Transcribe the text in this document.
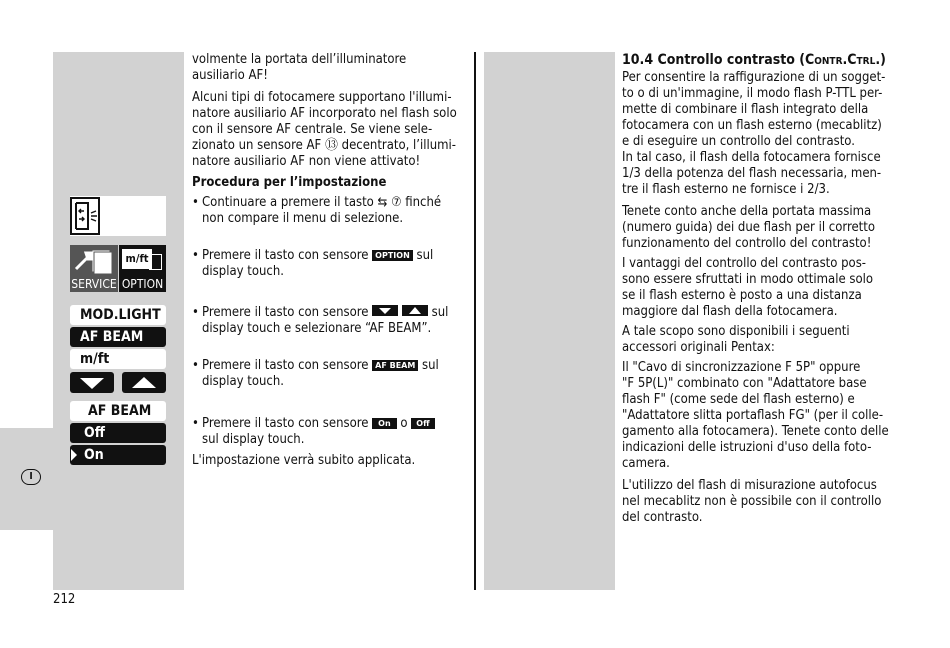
I
SERVICE
m/ft
OPTION
MOD.LIGHT
AF BEAM
m/ft
AF BEAM
Off
On
volmente la portata dell’illuminatore
ausiliario AF!
Alcuni tipi di fotocamere supportano l'illumi-
natore ausiliario AF incorporato nel flash solo
con il sensore AF centrale. Se viene sele-
zionato un sensore AF ⑬ decentrato, l’illumi-
natore ausiliario AF non viene attivato!
Procedura per l’impostazione
• Continuare a premere il tasto ⇆ ⑦ finché
non compare il menu di selezione.
• Premere il tasto con sensore OPTION sul
display touch.
• Premere il tasto con sensore
	sul
display touch e selezionare “AF BEAM”.
• Premere il tasto con sensore AF BEAM sul
display touch.
• Premere il tasto con sensore On o Off
sul display touch.
L'impostazione verrà subito applicata.
10.4 Controllo contrasto (Contr.Ctrl.)
Per consentire la raffigurazione di un sogget-
to o di un'immagine, il modo flash P-TTL per-
mette di combinare il flash integrato della
fotocamera con un flash esterno (mecablitz)
e di eseguire un controllo del contrasto.
In tal caso, il flash della fotocamera fornisce
1/3 della potenza del flash necessaria, men-
tre il flash esterno ne fornisce i 2/3.
Tenete conto anche della portata massima
(numero guida) dei due flash per il corretto
funzionamento del controllo del contrasto!
I vantaggi del controllo del contrasto pos-
sono essere sfruttati in modo ottimale solo
se il flash esterno è posto a una distanza
maggiore dal flash della fotocamera.
A tale scopo sono disponibili i seguenti
accessori originali Pentax:
Il "Cavo di sincronizzazione F 5P" oppure
"F 5P(L)" combinato con "Adattatore base
flash F" (come sede del flash esterno) e
"Adattatore slitta portaflash FG" (per il colle-
gamento alla fotocamera). Tenete conto delle
indicazioni delle istruzioni d'uso della foto-
camera.
L'utilizzo del flash di misurazione autofocus
nel mecablitz non è possibile con il controllo
del contrasto.
212
